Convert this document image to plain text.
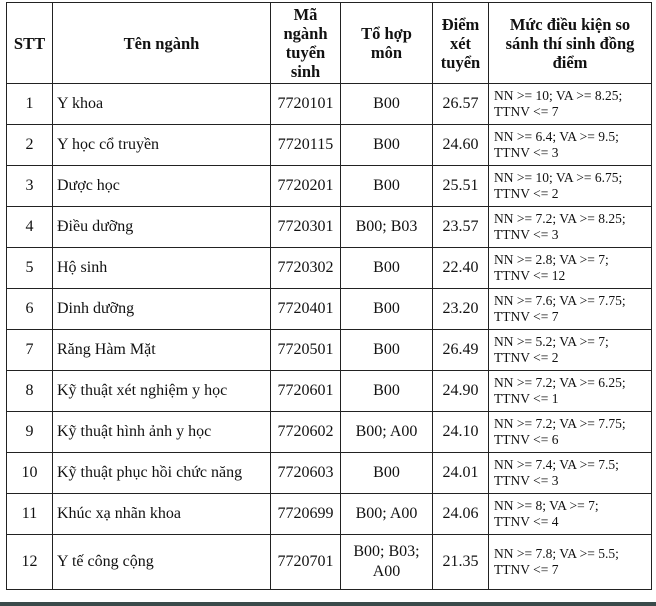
STT	Tên ngành	Mã ngành tuyển sinh	Tổ hợp môn	Điểm xét tuyển	Mức điều kiện so sánh thí sinh đồng điểm
1	Y khoa	7720101	B00	26.57	NN >= 10; VA >= 8.25;
TTNV <= 7

2	Y học cổ truyền	7720115	B00	24.60	NN >= 6.4; VA >= 9.5;
TTNV <= 3

3	Dược học	7720201	B00	25.51	NN >= 10; VA >= 6.75;
TTNV <= 2

4	Điều dưỡng	7720301	B00; B03	23.57	NN >= 7.2; VA >= 8.25;
TTNV <= 3

5	Hộ sinh	7720302	B00	22.40	NN >= 2.8; VA >= 7;
TTNV <= 12

6	Dinh dưỡng	7720401	B00	23.20	NN >= 7.6; VA >= 7.75;
TTNV <= 7

7	Răng Hàm Mặt	7720501	B00	26.49	NN >= 5.2; VA >= 7;
TTNV <= 2

8	Kỹ thuật xét nghiệm y học	7720601	B00	24.90	NN >= 7.2; VA >= 6.25;
TTNV <= 1

9	Kỹ thuật hình ảnh y học	7720602	B00; A00	24.10	NN >= 7.2; VA >= 7.75;
TTNV <= 6

10	Kỹ thuật phục hồi chức năng	7720603	B00	24.01	NN >= 7.4; VA >= 7.5;
TTNV <= 3

11	Khúc xạ nhãn khoa	7720699	B00; A00	24.06	NN >= 8; VA >= 7;
TTNV <= 4

12	Y tế công cộng	7720701	B00; B03; A00	21.35	NN >= 7.8; VA >= 5.5;
TTNV <= 7
